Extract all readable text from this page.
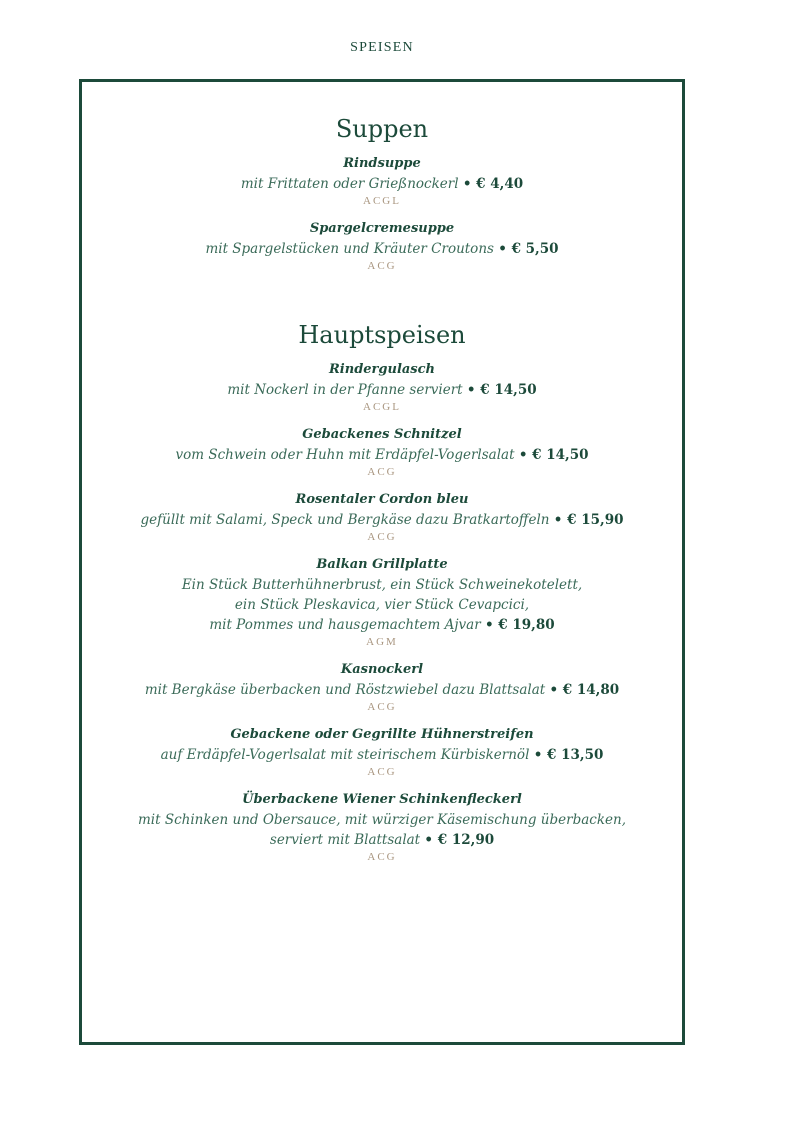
SPEISEN
Suppen
Rindsuppe
mit Frittaten oder Grießnockerl • € 4,40
ACGL
Spargelcremesuppe
mit Spargelstücken und Kräuter Croutons • € 5,50
ACG
Hauptspeisen
Rindergulasch
mit Nockerl in der Pfanne serviert • € 14,50
ACGL
Gebackenes Schnitzel
vom Schwein oder Huhn mit Erdäpfel-Vogerlsalat • € 14,50
ACG
Rosentaler Cordon bleu
gefüllt mit Salami, Speck und Bergkäse dazu Bratkartoffeln • € 15,90
ACG
Balkan Grillplatte
Ein Stück Butterhühnerbrust, ein Stück Schweinekotelett,
ein Stück Pleskavica, vier Stück Cevapcici,
mit Pommes und hausgemachtem Ajvar • € 19,80
AGM
Kasnockerl
mit Bergkäse überbacken und Röstzwiebel dazu Blattsalat • € 14,80
ACG
Gebackene oder Gegrillte Hühnerstreifen
auf Erdäpfel-Vogerlsalat mit steirischem Kürbiskernöl • € 13,50
ACG
Überbackene Wiener Schinkenfleckerl
mit Schinken und Obersauce, mit würziger Käsemischung überbacken,
serviert mit Blattsalat • € 12,90
ACG
